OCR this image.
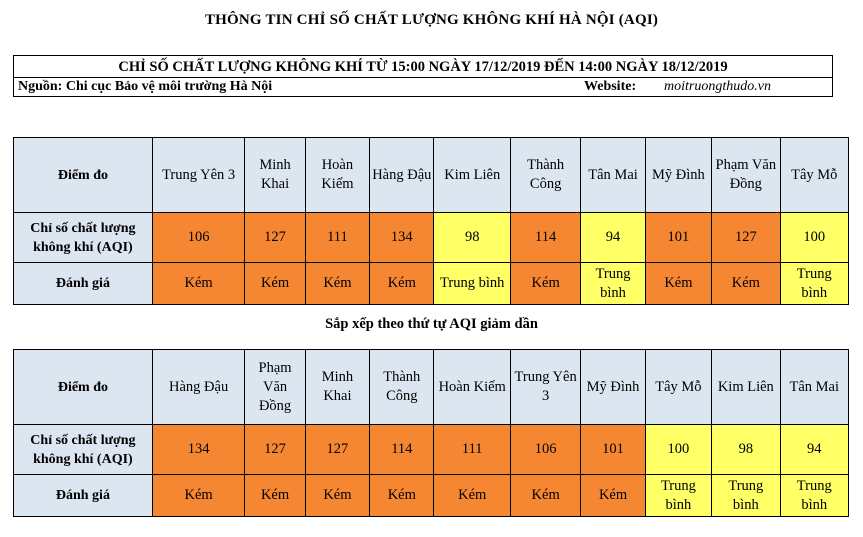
THÔNG TIN CHỈ SỐ CHẤT LƯỢNG KHÔNG KHÍ HÀ NỘI (AQI)
CHỈ SỐ CHẤT LƯỢNG KHÔNG KHÍ TỪ 15:00 NGÀY 17/12/2019 ĐẾN 14:00 NGÀY 18/12/2019
Nguồn: Chi cục Bảo vệ môi trường Hà Nội	Website: moitruongthudo.vn
Điểm đo	Trung Yên 3	Minh Khai	Hoàn Kiếm	Hàng Đậu	Kim Liên	Thành Công	Tân Mai	Mỹ Đình	Phạm Văn Đồng	Tây Mỗ
Chỉ số chất lượng không khí (AQI)	106	127	111	134	98	114	94	101	127	100
Đánh giá	Kém	Kém	Kém	Kém	Trung bình	Kém	Trung bình	Kém	Kém	Trung bình
Sắp xếp theo thứ tự AQI giảm dần
Điểm đo	Hàng Đậu	Phạm Văn Đồng	Minh Khai	Thành Công	Hoàn Kiếm	Trung Yên 3	Mỹ Đình	Tây Mỗ	Kim Liên	Tân Mai
Chỉ số chất lượng không khí (AQI)	134	127	127	114	111	106	101	100	98	94
Đánh giá	Kém	Kém	Kém	Kém	Kém	Kém	Kém	Trung bình	Trung bình	Trung bình
